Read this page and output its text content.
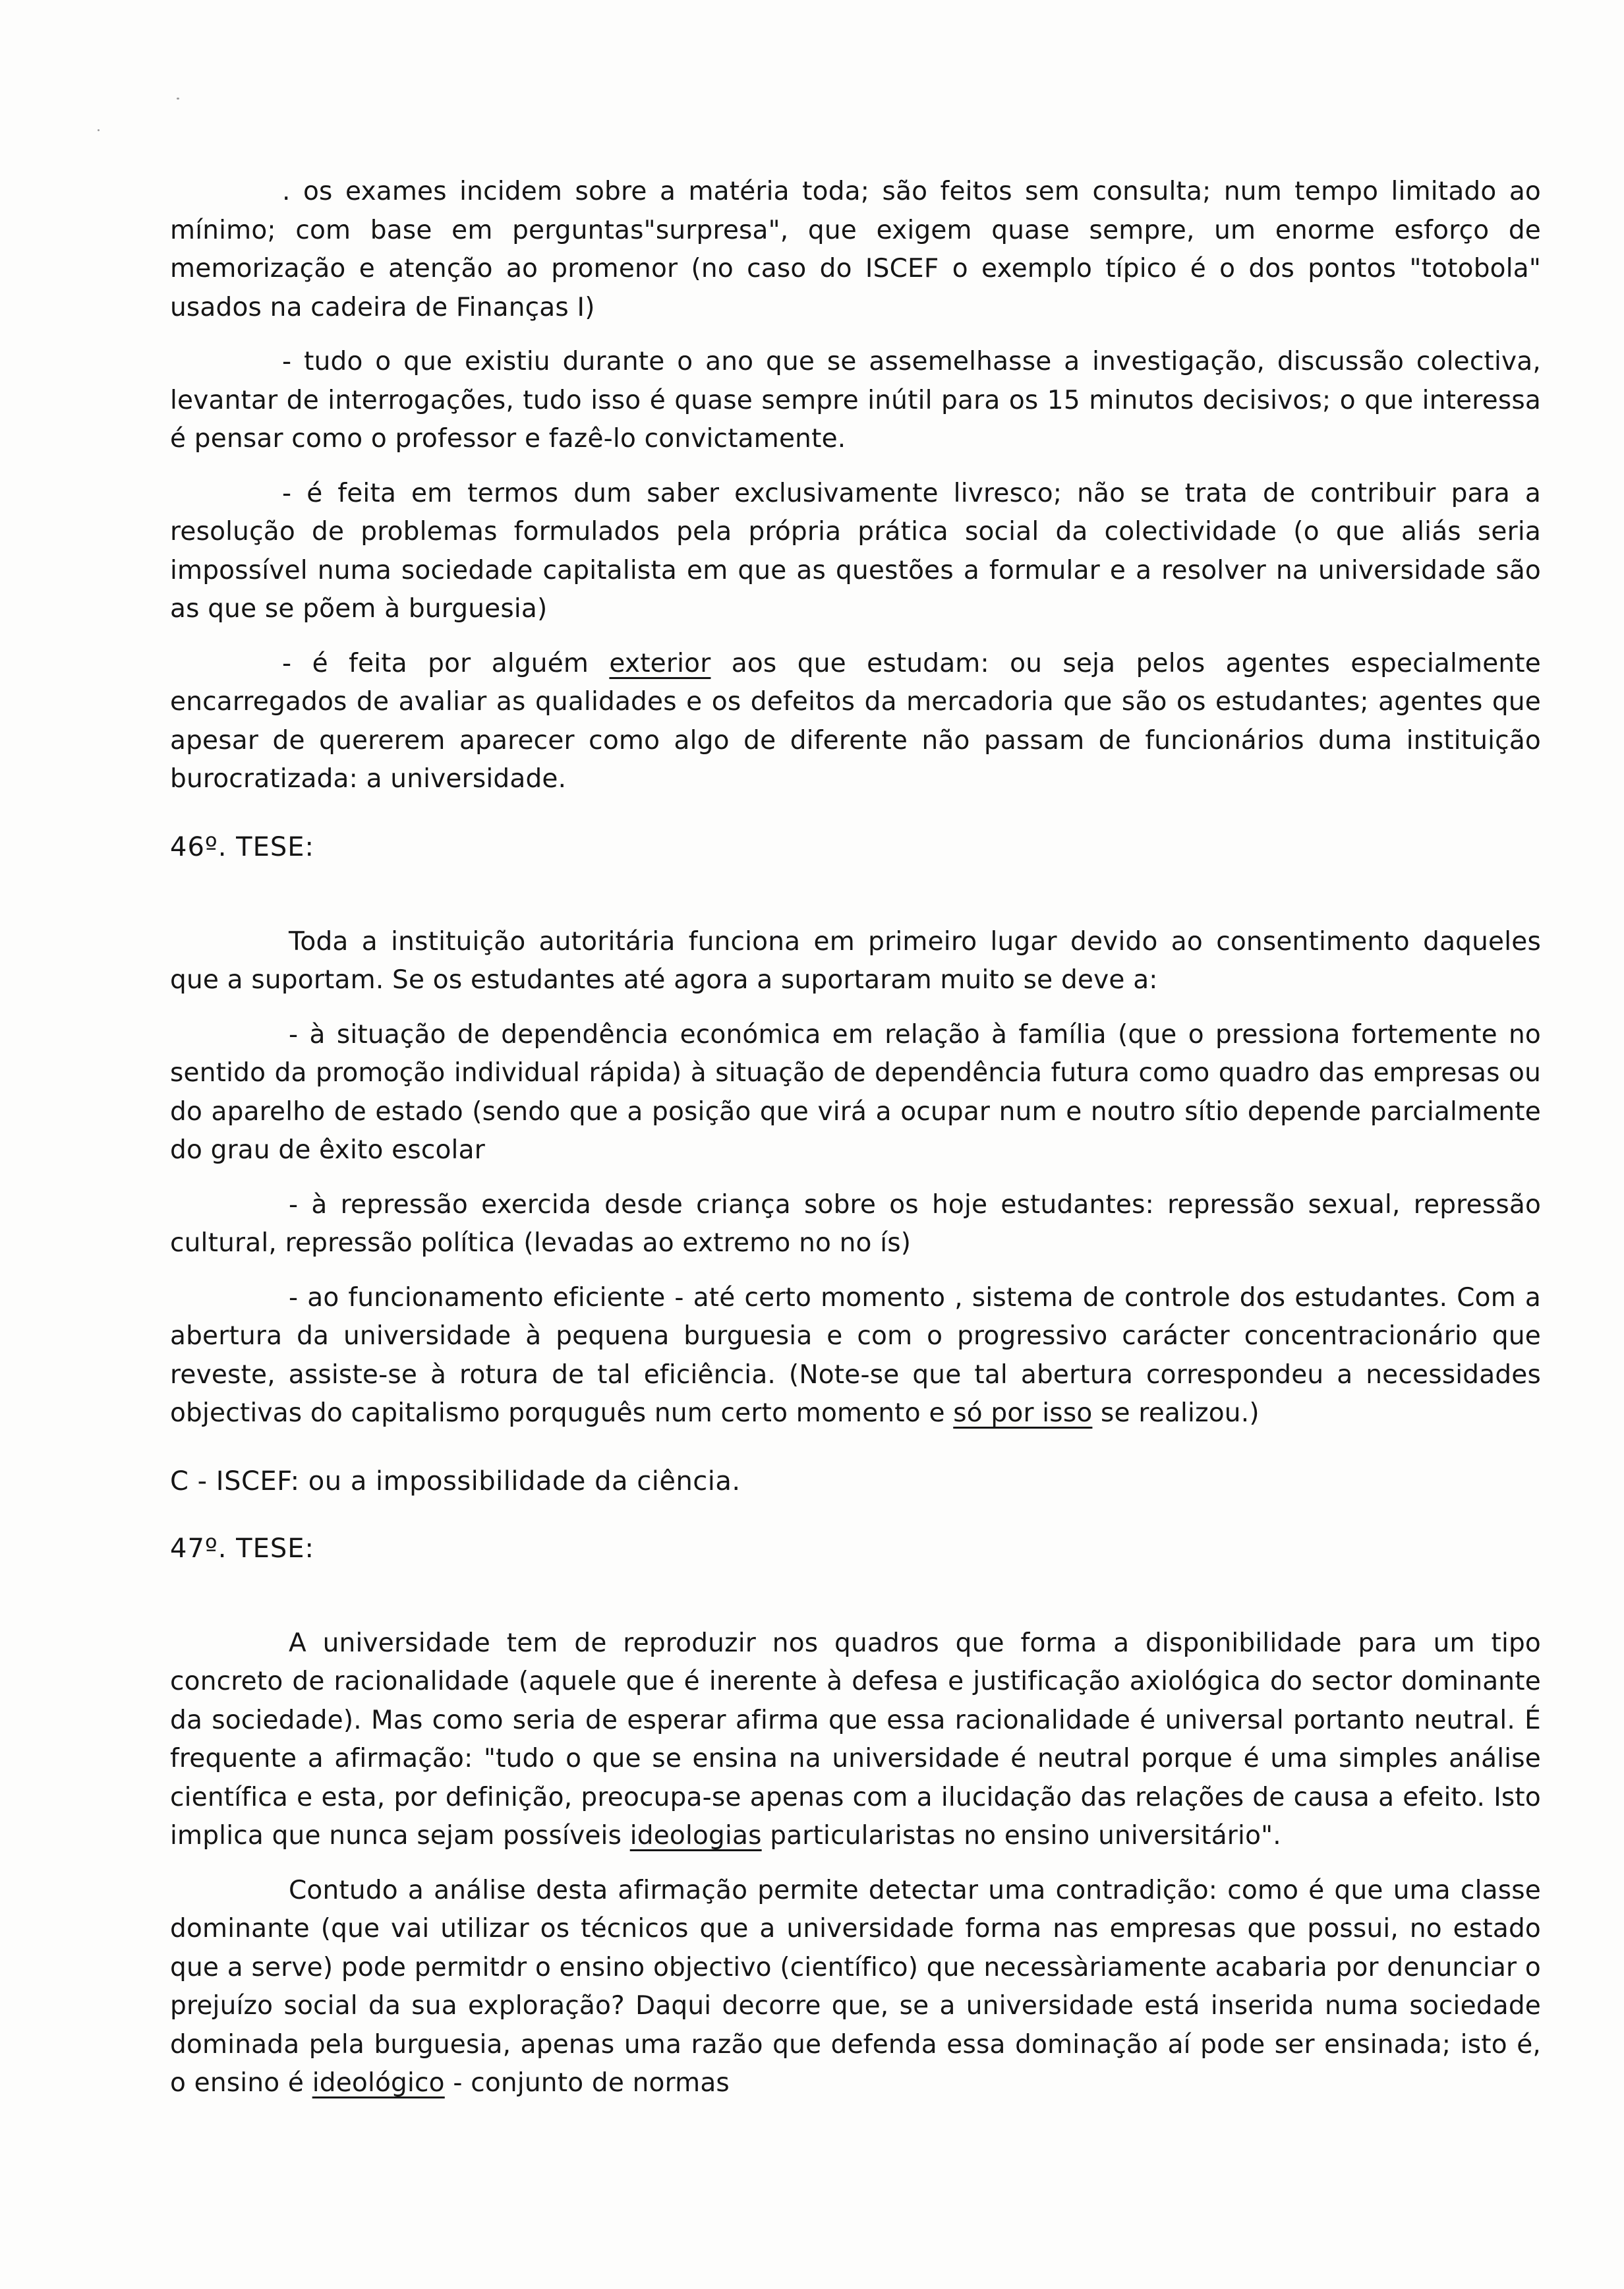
. os exames incidem sobre a matéria toda; são feitos sem consulta; num tempo limitado ao mínimo; com base em perguntas"surpresa", que exigem quase sempre, um enorme esforço de memorização e atenção ao promenor (no caso do ISCEF o exemplo típico é o dos pontos "totobola" usados na cadeira de Finanças I)

- tudo o que existiu durante o ano que se assemelhasse a investigação, discussão colectiva, levantar de interrogações, tudo isso é quase sempre inútil para os 15 minutos decisivos; o que interessa é pensar como o professor e fazê-lo convictamente.

- é feita em termos dum saber exclusivamente livresco; não se trata de contribuir para a resolução de problemas formulados pela própria prática social da colectividade (o que aliás seria impossível numa sociedade capitalista em que as questões a formular e a resolver na universidade são as que se põem à burguesia)

- é feita por alguém exterior aos que estudam: ou seja pelos agentes especialmente encarregados de avaliar as qualidades e os defeitos da mercadoria que são os estudantes; agentes que apesar de quererem aparecer como algo de diferente não passam de funcionários duma instituição burocratizada: a universidade.

46º. TESE:

Toda a instituição autoritária funciona em primeiro lugar devido ao consentimento daqueles que a suportam. Se os estudantes até agora a suportaram muito se deve a:

- à situação de dependência económica em relação à família (que o pressiona fortemente no sentido da promoção individual rápida) à situação de dependência futura como quadro das empresas ou do aparelho de estado (sendo que a posição que virá a ocupar num e noutro sítio depende parcialmente do grau de êxito escolar

- à repressão exercida desde criança sobre os hoje estudantes: repressão sexual, repressão cultural, repressão política (levadas ao extremo no no ís)

- ao funcionamento eficiente - até certo momento , sistema de controle dos estudantes. Com a abertura da universidade à pequena burguesia e com o progressivo carácter concentracionário que reveste, assiste-se à rotura de tal eficiência. (Note-se que tal abertura correspondeu a necessidades objectivas do capitalismo porquguês num certo momento e só por isso se realizou.)

C - ISCEF: ou a impossibilidade da ciência.
47º. TESE:

A universidade tem de reproduzir nos quadros que forma a disponibilidade para um tipo concreto de racionalidade (aquele que é inerente à defesa e justificação axiológica do sector dominante da sociedade). Mas como seria de esperar afirma que essa racionalidade é universal portanto neutral. É frequente a afirmação: "tudo o que se ensina na universidade é neutral porque é uma simples análise científica e esta, por definição, preocupa-se apenas com a ilucidação das relações de causa a efeito. Isto implica que nunca sejam possíveis ideologias particularistas no ensino universitário".

Contudo a análise desta afirmação permite detectar uma contradição: como é que uma classe dominante (que vai utilizar os técnicos que a universidade forma nas empresas que possui, no estado que a serve) pode permitdr o ensino objectivo (científico) que necessàriamente acabaria por denunciar o prejuízo social da sua exploração? Daqui decorre que, se a universidade está inserida numa sociedade dominada pela burguesia, apenas uma razão que defenda essa dominação aí pode ser ensinada; isto é, o ensino é ideológico - conjunto de normas
